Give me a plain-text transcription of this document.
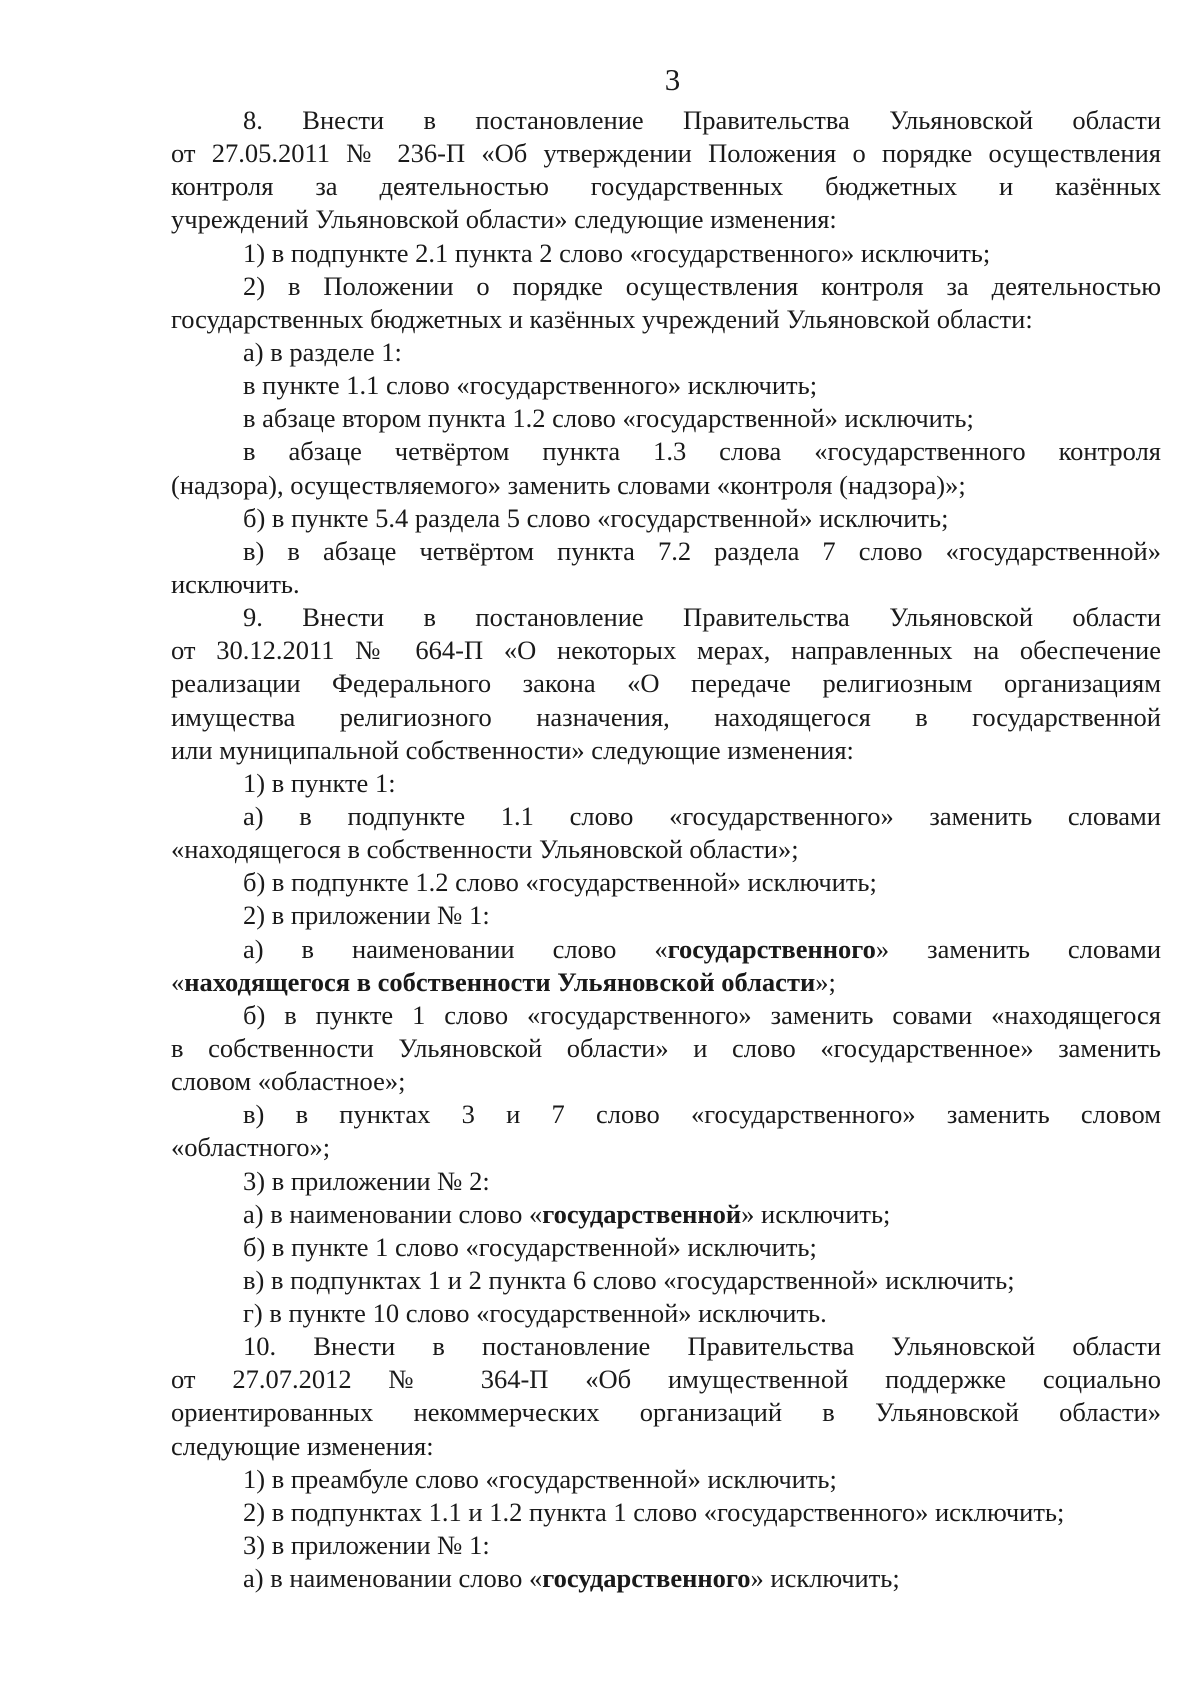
3
8. Внести в постановление Правительства Ульяновской области
от 27.05.2011 № 236-П «Об утверждении Положения о порядке осуществления
контроля за деятельностью государственных бюджетных и казённых
учреждений Ульяновской области» следующие изменения:
1) в подпункте 2.1 пункта 2 слово «государственного» исключить;
2) в Положении о порядке осуществления контроля за деятельностью
государственных бюджетных и казённых учреждений Ульяновской области:
а) в разделе 1:
в пункте 1.1 слово «государственного» исключить;
в абзаце втором пункта 1.2 слово «государственной» исключить;
в абзаце четвёртом пункта 1.3 слова «государственного контроля
(надзора), осуществляемого» заменить словами «контроля (надзора)»;
б) в пункте 5.4 раздела 5 слово «государственной» исключить;
в) в абзаце четвёртом пункта 7.2 раздела 7 слово «государственной»
исключить.
9. Внести в постановление Правительства Ульяновской области
от 30.12.2011 № 664-П «О некоторых мерах, направленных на обеспечение
реализации Федерального закона «О передаче религиозным организациям
имущества религиозного назначения, находящегося в государственной
или муниципальной собственности» следующие изменения:
1) в пункте 1:
а) в подпункте 1.1 слово «государственного» заменить словами
«находящегося в собственности Ульяновской области»;
б) в подпункте 1.2 слово «государственной» исключить;
2) в приложении № 1:
а) в наименовании слово «государственного» заменить словами
«находящегося в собственности Ульяновской области»;
б) в пункте 1 слово «государственного» заменить совами «находящегося
в собственности Ульяновской области» и слово «государственное» заменить
словом «областное»;
в) в пунктах 3 и 7 слово «государственного» заменить словом
«областного»;
3) в приложении № 2:
а) в наименовании слово «государственной» исключить;
б) в пункте 1 слово «государственной» исключить;
в) в подпунктах 1 и 2 пункта 6 слово «государственной» исключить;
г) в пункте 10 слово «государственной» исключить.
10. Внести в постановление Правительства Ульяновской области
от 27.07.2012 № 364-П «Об имущественной поддержке социально
ориентированных некоммерческих организаций в Ульяновской области»
следующие изменения:
1) в преамбуле слово «государственной» исключить;
2) в подпунктах 1.1 и 1.2 пункта 1 слово «государственного» исключить;
3) в приложении № 1:
а) в наименовании слово «государственного» исключить;
